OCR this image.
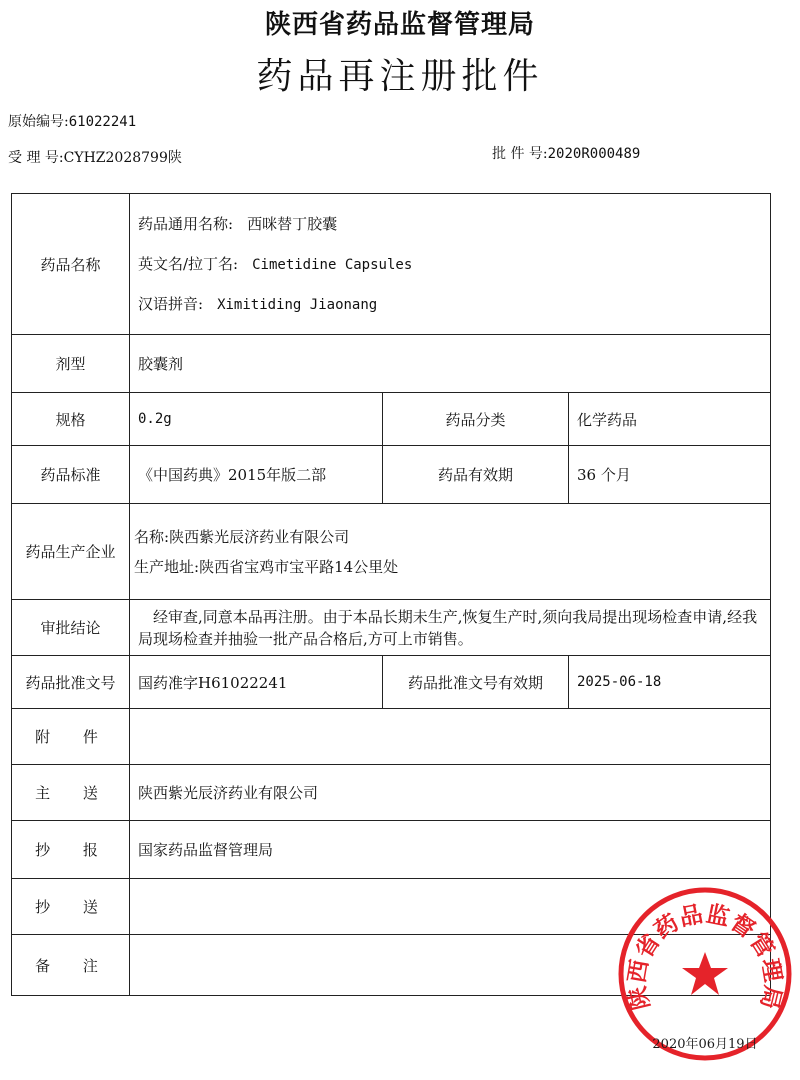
陕西省药品监督管理局
药品再注册批件
原始编号:61022241
受 理 号:CYHZ2028799陕	批 件 号:2020R000489
药品名称	药品通用名称: 西咪替丁胶囊
英文名/拉丁名: Cimetidine Capsules
汉语拼音: Ximitiding Jiaonang		

剂型	胶囊剂		
规格	0.2g	药品分类	化学药品
药品标准	《中国药典》2015年版二部	药品有效期	36 个月
药品生产企业	名称:陕西紫光辰济药业有限公司
生产地址:陕西省宝鸡市宝平路14公里处		

审批结论	经审查,同意本品再注册。由于本品长期未生产,恢复生产时,须向我局提出现场检查申请,经我局现场检查并抽验一批产品合格后,方可上市销售。		
药品批准文号	国药准字H61022241	药品批准文号有效期	2025-06-18
附 件			
主 送	陕西紫光辰济药业有限公司		
抄 报	国家药品监督管理局		
抄 送			
备 注			
陕西省药品监督管理局
2020年06月19日
